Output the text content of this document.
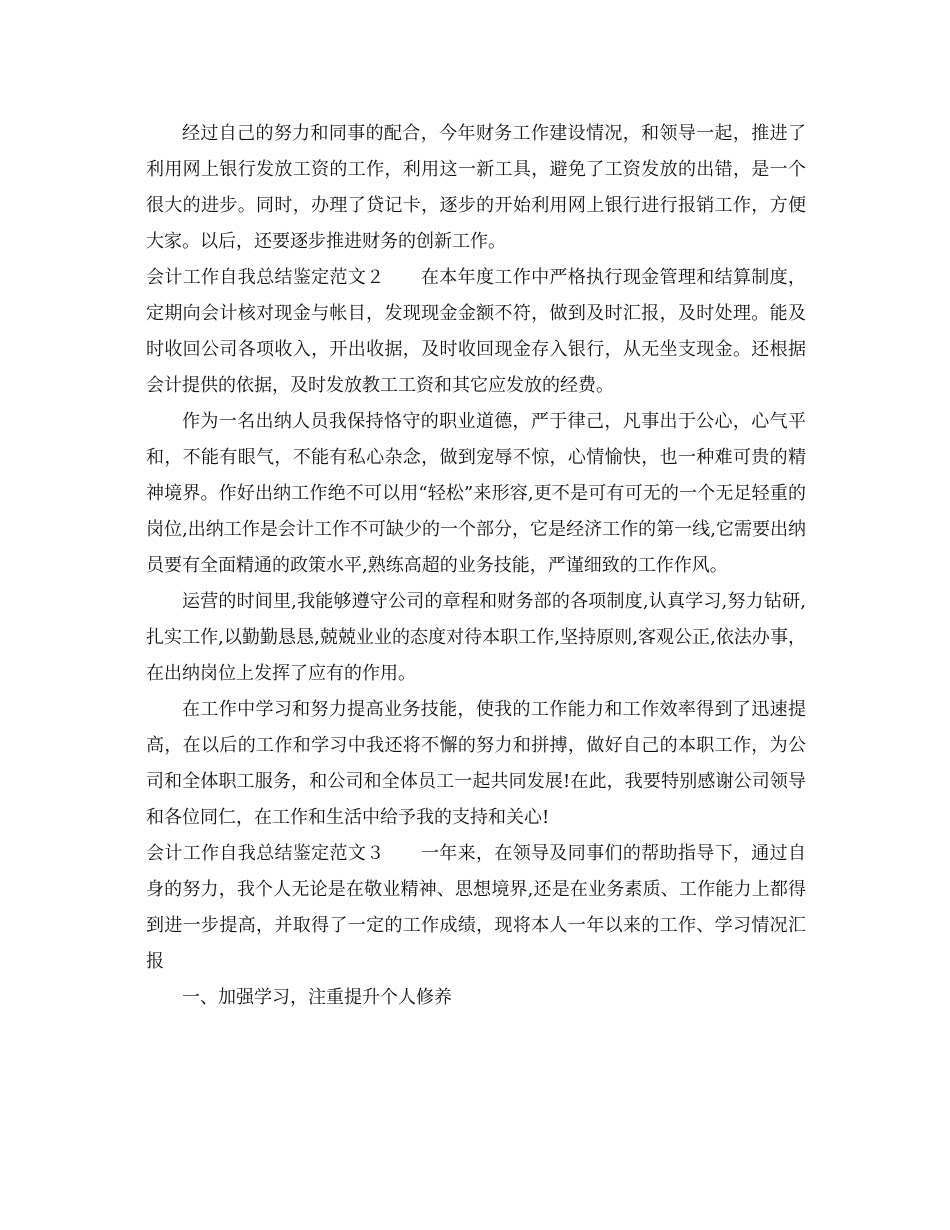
经过自己的努力和同事的配合，今年财务工作建设情况，和领导一起，推进了利用网上银行发放工资的工作，利用这一新工具，避免了工资发放的出错，是一个很大的进步。同时，办理了贷记卡，逐步的开始利用网上银行进行报销工作，方便大家。以后，还要逐步推进财务的创新工作。

会计工作自我总结鉴定范文２ 在本年度工作中严格执行现金管理和结算制度，定期向会计核对现金与帐目，发现现金金额不符，做到及时汇报，及时处理。能及时收回公司各项收入，开出收据，及时收回现金存入银行，从无坐支现金。还根据会计提供的依据，及时发放教工工资和其它应发放的经费。

作为一名出纳人员我保持恪守的职业道德，严于律己，凡事出于公心，心气平和，不能有眼气，不能有私心杂念，做到宠辱不惊，心情愉快，也一种难可贵的精神境界。作好出纳工作绝不可以用“轻松”来形容,更不是可有可无的一个无足轻重的岗位,出纳工作是会计工作不可缺少的一个部分，它是经济工作的第一线,它需要出纳员要有全面精通的政策水平,熟练高超的业务技能，严谨细致的工作作风。

运营的时间里,我能够遵守公司的章程和财务部的各项制度,认真学习,努力钻研,扎实工作,以勤勤恳恳,兢兢业业的态度对待本职工作,坚持原则,客观公正,依法办事，在出纳岗位上发挥了应有的作用。

在工作中学习和努力提高业务技能，使我的工作能力和工作效率得到了迅速提高，在以后的工作和学习中我还将不懈的努力和拼搏，做好自己的本职工作，为公司和全体职工服务，和公司和全体员工一起共同发展!在此，我要特别感谢公司领导和各位同仁，在工作和生活中给予我的支持和关心!

会计工作自我总结鉴定范文３ 一年来，在领导及同事们的帮助指导下，通过自身的努力，我个人无论是在敬业精神、思想境界,还是在业务素质、工作能力上都得到进一步提高，并取得了一定的工作成绩，现将本人一年以来的工作、学习情况汇报

一、加强学习，注重提升个人修养
